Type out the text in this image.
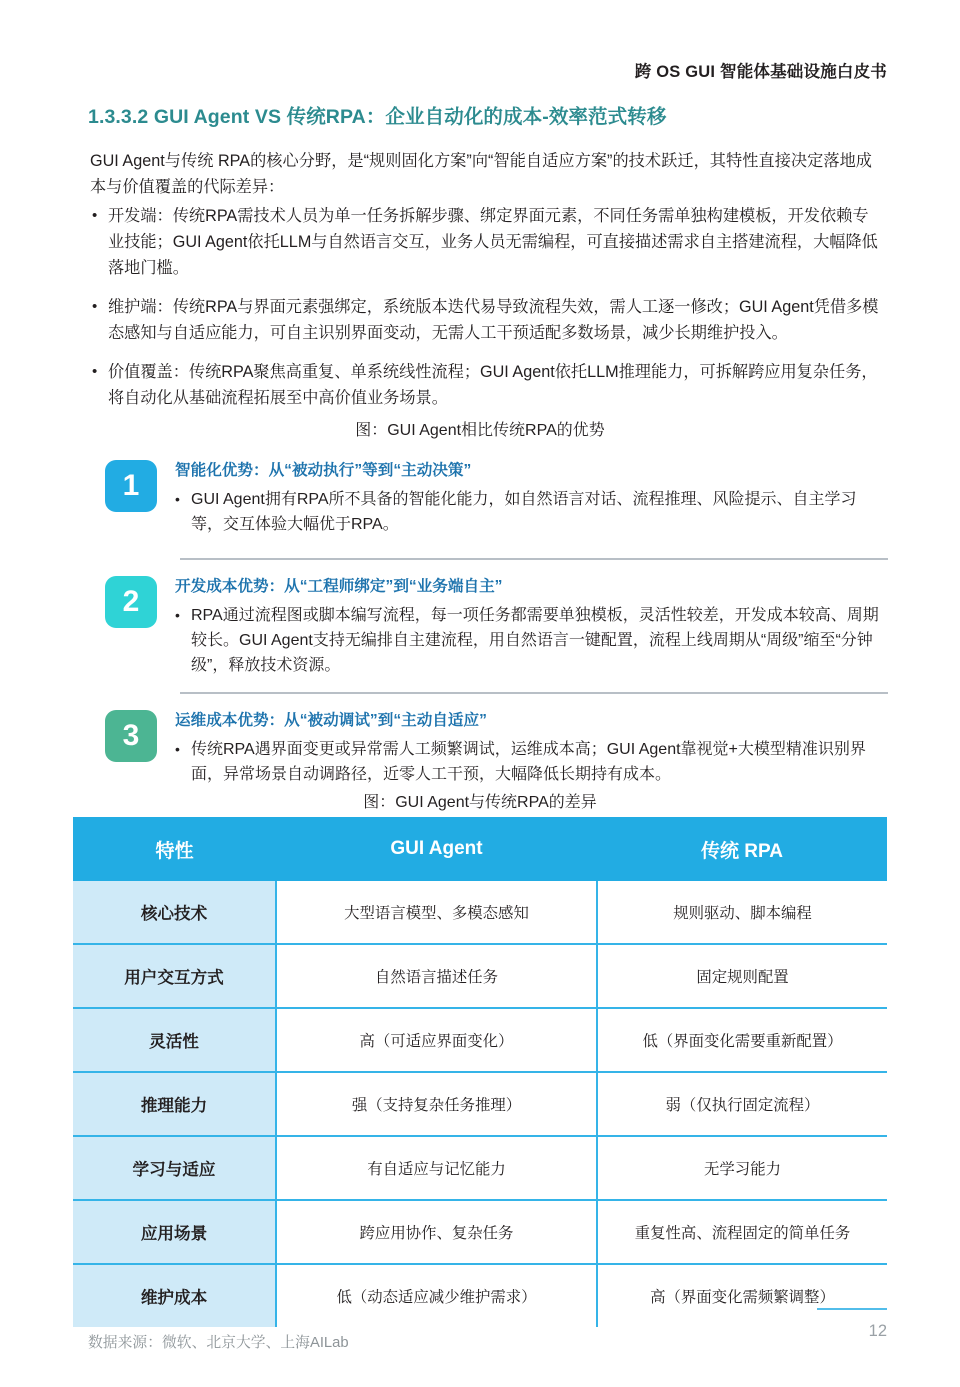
跨 OS GUI 智能体基础设施白皮书
1.3.3.2 GUI Agent VS 传统RPA：企业自动化的成本-效率范式转移
GUI Agent与传统 RPA的核心分野，是“规则固化方案”向“智能自适应方案”的技术跃迁，其特性直接决定落地成本与价值覆盖的代际差异：
• 开发端：传统RPA需技术人员为单一任务拆解步骤、绑定界面元素，不同任务需单独构建模板，开发依赖专业技能；GUI Agent依托LLM与自然语言交互，业务人员无需编程，可直接描述需求自主搭建流程，大幅降低落地门槛。
• 维护端：传统RPA与界面元素强绑定，系统版本迭代易导致流程失效，需人工逐一修改；GUI Agent凭借多模态感知与自适应能力，可自主识别界面变动，无需人工干预适配多数场景，减少长期维护投入。
• 价值覆盖：传统RPA聚焦高重复、单系统线性流程；GUI Agent依托LLM推理能力，可拆解跨应用复杂任务，将自动化从基础流程拓展至中高价值业务场景。
图：GUI Agent相比传统RPA的优势
1	智能化优势：从“被动执行”等到“主动决策”
• GUI Agent拥有RPA所不具备的智能化能力，如自然语言对话、流程推理、风险提示、自主学习等，交互体验大幅优于RPA。
2	开发成本优势：从“工程师绑定”到“业务端自主”
• RPA通过流程图或脚本编写流程，每一项任务都需要单独模板，灵活性较差，开发成本较高、周期较长。GUI Agent支持无编排自主建流程，用自然语言一键配置，流程上线周期从“周级”缩至“分钟级”，释放技术资源。
3	运维成本优势：从“被动调试”到“主动自适应”
• 传统RPA遇界面变更或异常需人工频繁调试，运维成本高；GUI Agent靠视觉+大模型精准识别界面，异常场景自动调路径，近零人工干预，大幅降低长期持有成本。
图：GUI Agent与传统RPA的差异
特性	GUI Agent	传统 RPA
核心技术	大型语言模型、多模态感知	规则驱动、脚本编程
用户交互方式	自然语言描述任务	固定规则配置
灵活性	高（可适应界面变化）	低（界面变化需要重新配置）
推理能力	强（支持复杂任务推理）	弱（仅执行固定流程）
学习与适应	有自适应与记忆能力	无学习能力
应用场景	跨应用协作、复杂任务	重复性高、流程固定的简单任务
维护成本	低（动态适应减少维护需求）	高（界面变化需频繁调整）
数据来源：微软、北京大学、上海AILab
12
